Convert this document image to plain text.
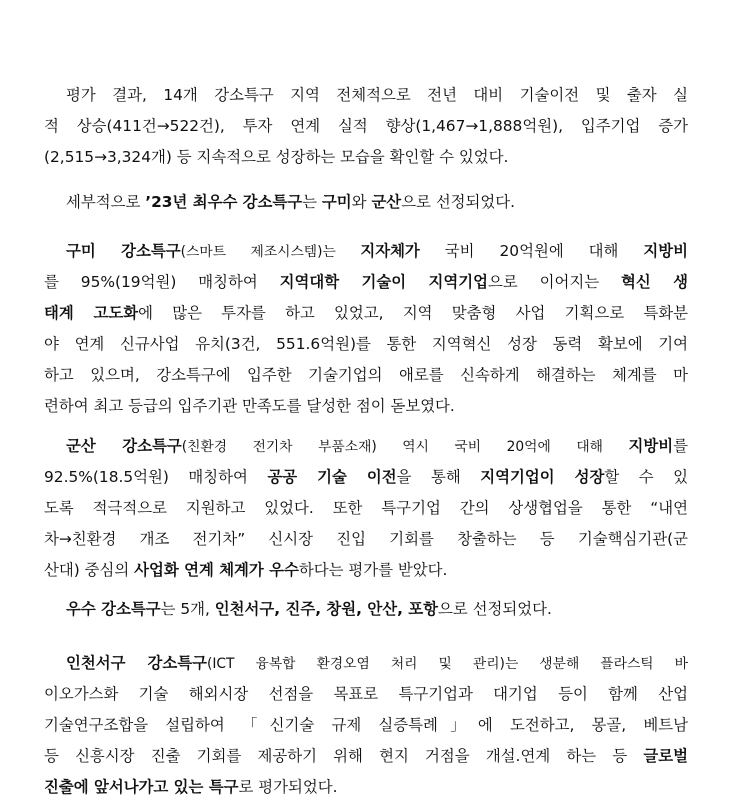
평가 결과, 14개 강소특구 지역 전체적으로 전년 대비 기술이전 및 출자 실
적 상승(411건→522건), 투자 연계 실적 향상(1,467→1,888억원), 입주기업 증가
(2,515→3,324개) 등 지속적으로 성장하는 모습을 확인할 수 있었다.
세부적으로 ’23년 최우수 강소특구는 구미와 군산으로 선정되었다.
구미 강소특구(스마트 제조시스템)는 지자체가 국비 20억원에 대해 지방비
를 95%(19억원) 매칭하여 지역대학 기술이 지역기업으로 이어지는 혁신 생
태계 고도화에 많은 투자를 하고 있었고, 지역 맞춤형 사업 기획으로 특화분
야 연계 신규사업 유치(3건, 551.6억원)를 통한 지역혁신 성장 동력 확보에 기여
하고 있으며, 강소특구에 입주한 기술기업의 애로를 신속하게 해결하는 체계를 마
련하여 최고 등급의 입주기관 만족도를 달성한 점이 돋보였다.
군산 강소특구(친환경 전기차 부품소재) 역시 국비 20억에 대해 지방비를
92.5%(18.5억원) 매칭하여 공공 기술 이전을 통해 지역기업이 성장할 수 있
도록 적극적으로 지원하고 있었다. 또한 특구기업 간의 상생협업을 통한 “내연
차→친환경 개조 전기차” 신시장 진입 기회를 창출하는 등 기술핵심기관(군
산대) 중심의 사업화 연계 체계가 우수하다는 평가를 받았다.
우수 강소특구는 5개, 인천서구, 진주, 창원, 안산, 포항으로 선정되었다.
인천서구 강소특구(ICT 융복합 환경오염 처리 및 관리)는 생분해 플라스틱 바
이오가스화 기술 해외시장 선점을 목표로 특구기업과 대기업 등이 함께 산업
기술연구조합을 설립하여 「신기술 규제 실증특례」에 도전하고, 몽골, 베트남
등 신흥시장 진출 기회를 제공하기 위해 현지 거점을 개설.연계 하는 등 글로벌
진출에 앞서나가고 있는 특구로 평가되었다.
